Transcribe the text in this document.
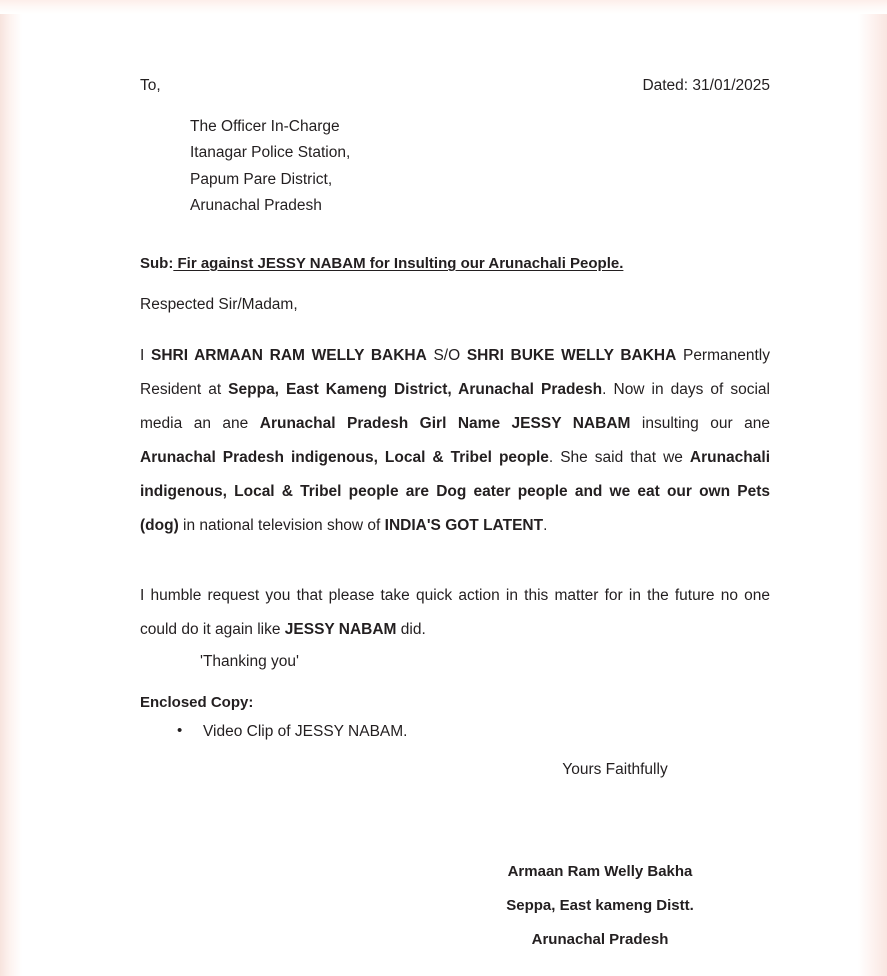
To,	Dated: 31/01/2025
The Officer In-Charge
Itanagar Police Station,
Papum Pare District,
Arunachal Pradesh
Sub: Fir against JESSY NABAM for Insulting our Arunachali People.
Respected Sir/Madam,
I SHRI ARMAAN RAM WELLY BAKHA S/O SHRI BUKE WELLY BAKHA Permanently Resident at Seppa, East Kameng District, Arunachal Pradesh. Now in days of social media an ane Arunachal Pradesh Girl Name JESSY NABAM insulting our ane Arunachal Pradesh indigenous, Local & Tribel people. She said that we Arunachali indigenous, Local & Tribel people are Dog eater people and we eat our own Pets (dog) in national television show of INDIA'S GOT LATENT.
I humble request you that please take quick action in this matter for in the future no one could do it again like JESSY NABAM did.
'Thanking you'
Enclosed Copy:
• Video Clip of JESSY NABAM.
Yours Faithfully
Armaan Ram Welly Bakha
Seppa, East kameng Distt.
Arunachal Pradesh
